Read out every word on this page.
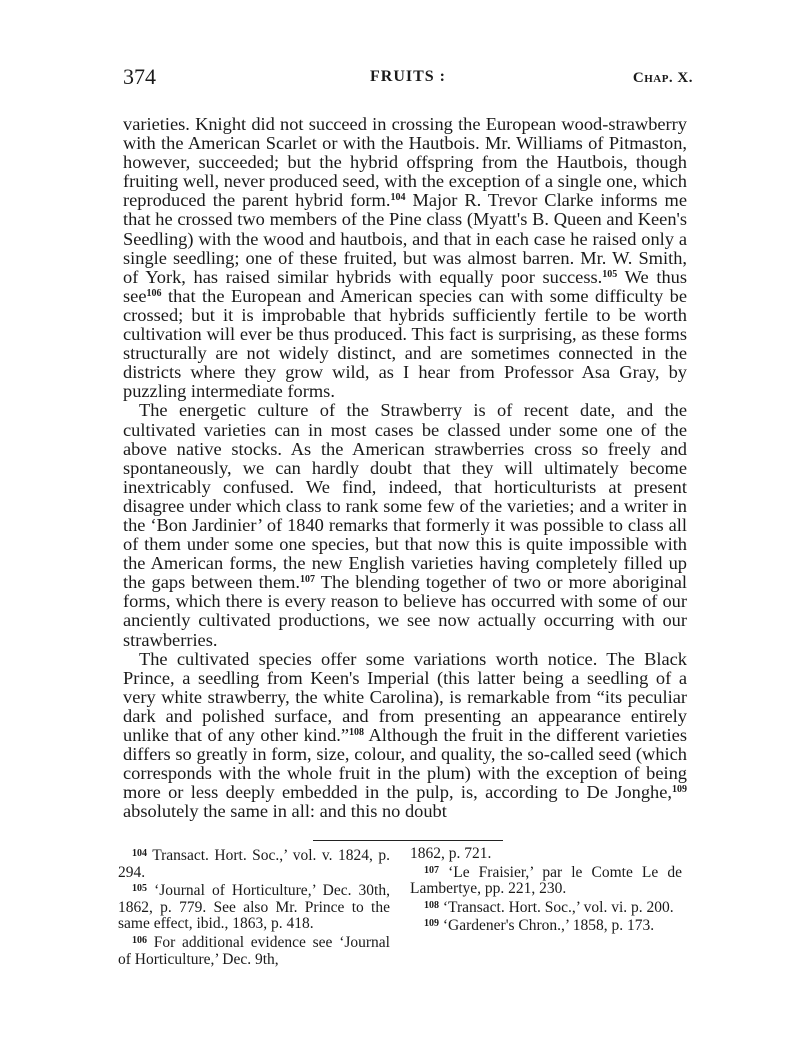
374	FRUITS :	Chap. X.

varieties. Knight did not succeed in crossing the European wood-strawberry with the American Scarlet or with the Hautbois. Mr. Williams of Pitmaston, however, succeeded; but the hybrid offspring from the Hautbois, though fruiting well, never produced seed, with the exception of a single one, which reproduced the parent hybrid form.$^{104}$ Major R. Trevor Clarke informs me that he crossed two members of the Pine class (Myatt's B. Queen and Keen's Seedling) with the wood and hautbois, and that in each case he raised only a single seedling; one of these fruited, but was almost barren. Mr. W. Smith, of York, has raised similar hybrids with equally poor success.$^{105}$ We thus see$^{106}$ that the European and American species can with some difficulty be crossed; but it is improbable that hybrids sufficiently fertile to be worth cultivation will ever be thus produced. This fact is surprising, as these forms structurally are not widely distinct, and are sometimes connected in the districts where they grow wild, as I hear from Professor Asa Gray, by puzzling intermediate forms.

The energetic culture of the Strawberry is of recent date, and the cultivated varieties can in most cases be classed under some one of the above native stocks. As the American strawberries cross so freely and spontaneously, we can hardly doubt that they will ultimately become inextricably confused. We find, indeed, that horticulturists at present disagree under which class to rank some few of the varieties; and a writer in the ‘Bon Jardinier’ of 1840 remarks that formerly it was possible to class all of them under some one species, but that now this is quite impossible with the American forms, the new English varieties having completely filled up the gaps between them.$^{107}$ The blending together of two or more aboriginal forms, which there is every reason to believe has occurred with some of our anciently cultivated productions, we see now actually occurring with our strawberries.

The cultivated species offer some variations worth notice. The Black Prince, a seedling from Keen's Imperial (this latter being a seedling of a very white strawberry, the white Carolina), is remarkable from “its peculiar dark and polished surface, and from presenting an appearance entirely unlike that of any other kind.”$^{108}$ Although the fruit in the different varieties differs so greatly in form, size, colour, and quality, the so-called seed (which corresponds with the whole fruit in the plum) with the exception of being more or less deeply embedded in the pulp, is, according to De Jonghe,$^{109}$ absolutely the same in all: and this no doubt

$^{104}$ Transact. Hort. Soc.,’ vol. v. 1824, p. 294.

$^{105}$ ‘Journal of Horticulture,’ Dec. 30th, 1862, p. 779. See also Mr. Prince to the same effect, ibid., 1863, p. 418.

$^{106}$ For additional evidence see ‘Journal of Horticulture,’ Dec. 9th,

1862, p. 721.

$^{107}$ ‘Le Fraisier,’ par le Comte Le de Lambertye, pp. 221, 230.

$^{108}$ ‘Transact. Hort. Soc.,’ vol. vi. p. 200.

$^{109}$ ‘Gardener's Chron.,’ 1858, p. 173.
